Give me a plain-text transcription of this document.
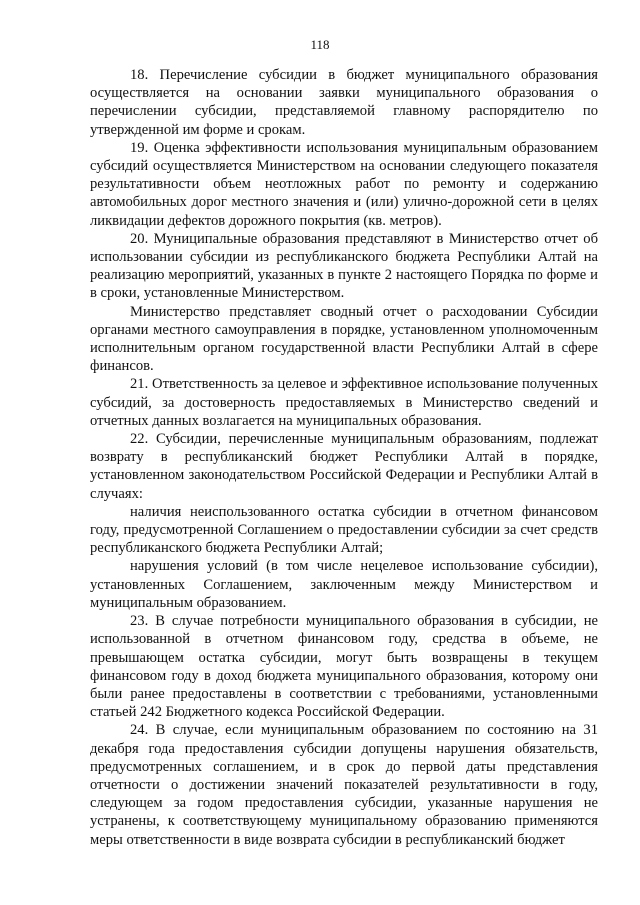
118

18. Перечисление субсидии в бюджет муниципального образования осуществляется на основании заявки муниципального образования о перечислении субсидии, представляемой главному распорядителю по утвержденной им форме и срокам.

19. Оценка эффективности использования муниципальным образованием субсидий осуществляется Министерством на основании следующего показателя результативности объем неотложных работ по ремонту и содержанию автомобильных дорог местного значения и (или) улично-дорожной сети в целях ликвидации дефектов дорожного покрытия (кв. метров).

20. Муниципальные образования представляют в Министерство отчет об использовании субсидии из республиканского бюджета Республики Алтай на реализацию мероприятий, указанных в пункте 2 настоящего Порядка по форме и в сроки, установленные Министерством.

Министерство представляет сводный отчет о расходовании Субсидии органами местного самоуправления в порядке, установленном уполномоченным исполнительным органом государственной власти Республики Алтай в сфере финансов.

21. Ответственность за целевое и эффективное использование полученных субсидий, за достоверность предоставляемых в Министерство сведений и отчетных данных возлагается на муниципальных образования.

22. Субсидии, перечисленные муниципальным образованиям, подлежат возврату в республиканский бюджет Республики Алтай в порядке, установленном законодательством Российской Федерации и Республики Алтай в случаях:

наличия неиспользованного остатка субсидии в отчетном финансовом году, предусмотренной Соглашением о предоставлении субсидии за счет средств республиканского бюджета Республики Алтай;

нарушения условий (в том числе нецелевое использование субсидии), установленных Соглашением, заключенным между Министерством и муниципальным образованием.

23. В случае потребности муниципального образования в субсидии, не использованной в отчетном финансовом году, средства в объеме, не превышающем остатка субсидии, могут быть возвращены в текущем финансовом году в доход бюджета муниципального образования, которому они были ранее предоставлены в соответствии с требованиями, установленными статьей 242 Бюджетного кодекса Российской Федерации.

24. В случае, если муниципальным образованием по состоянию на 31 декабря года предоставления субсидии допущены нарушения обязательств, предусмотренных соглашением, и в срок до первой даты представления отчетности о достижении значений показателей результативности в году, следующем за годом предоставления субсидии, указанные нарушения не устранены, к соответствующему муниципальному образованию применяются меры ответственности в виде возврата субсидии в республиканский бюджет
